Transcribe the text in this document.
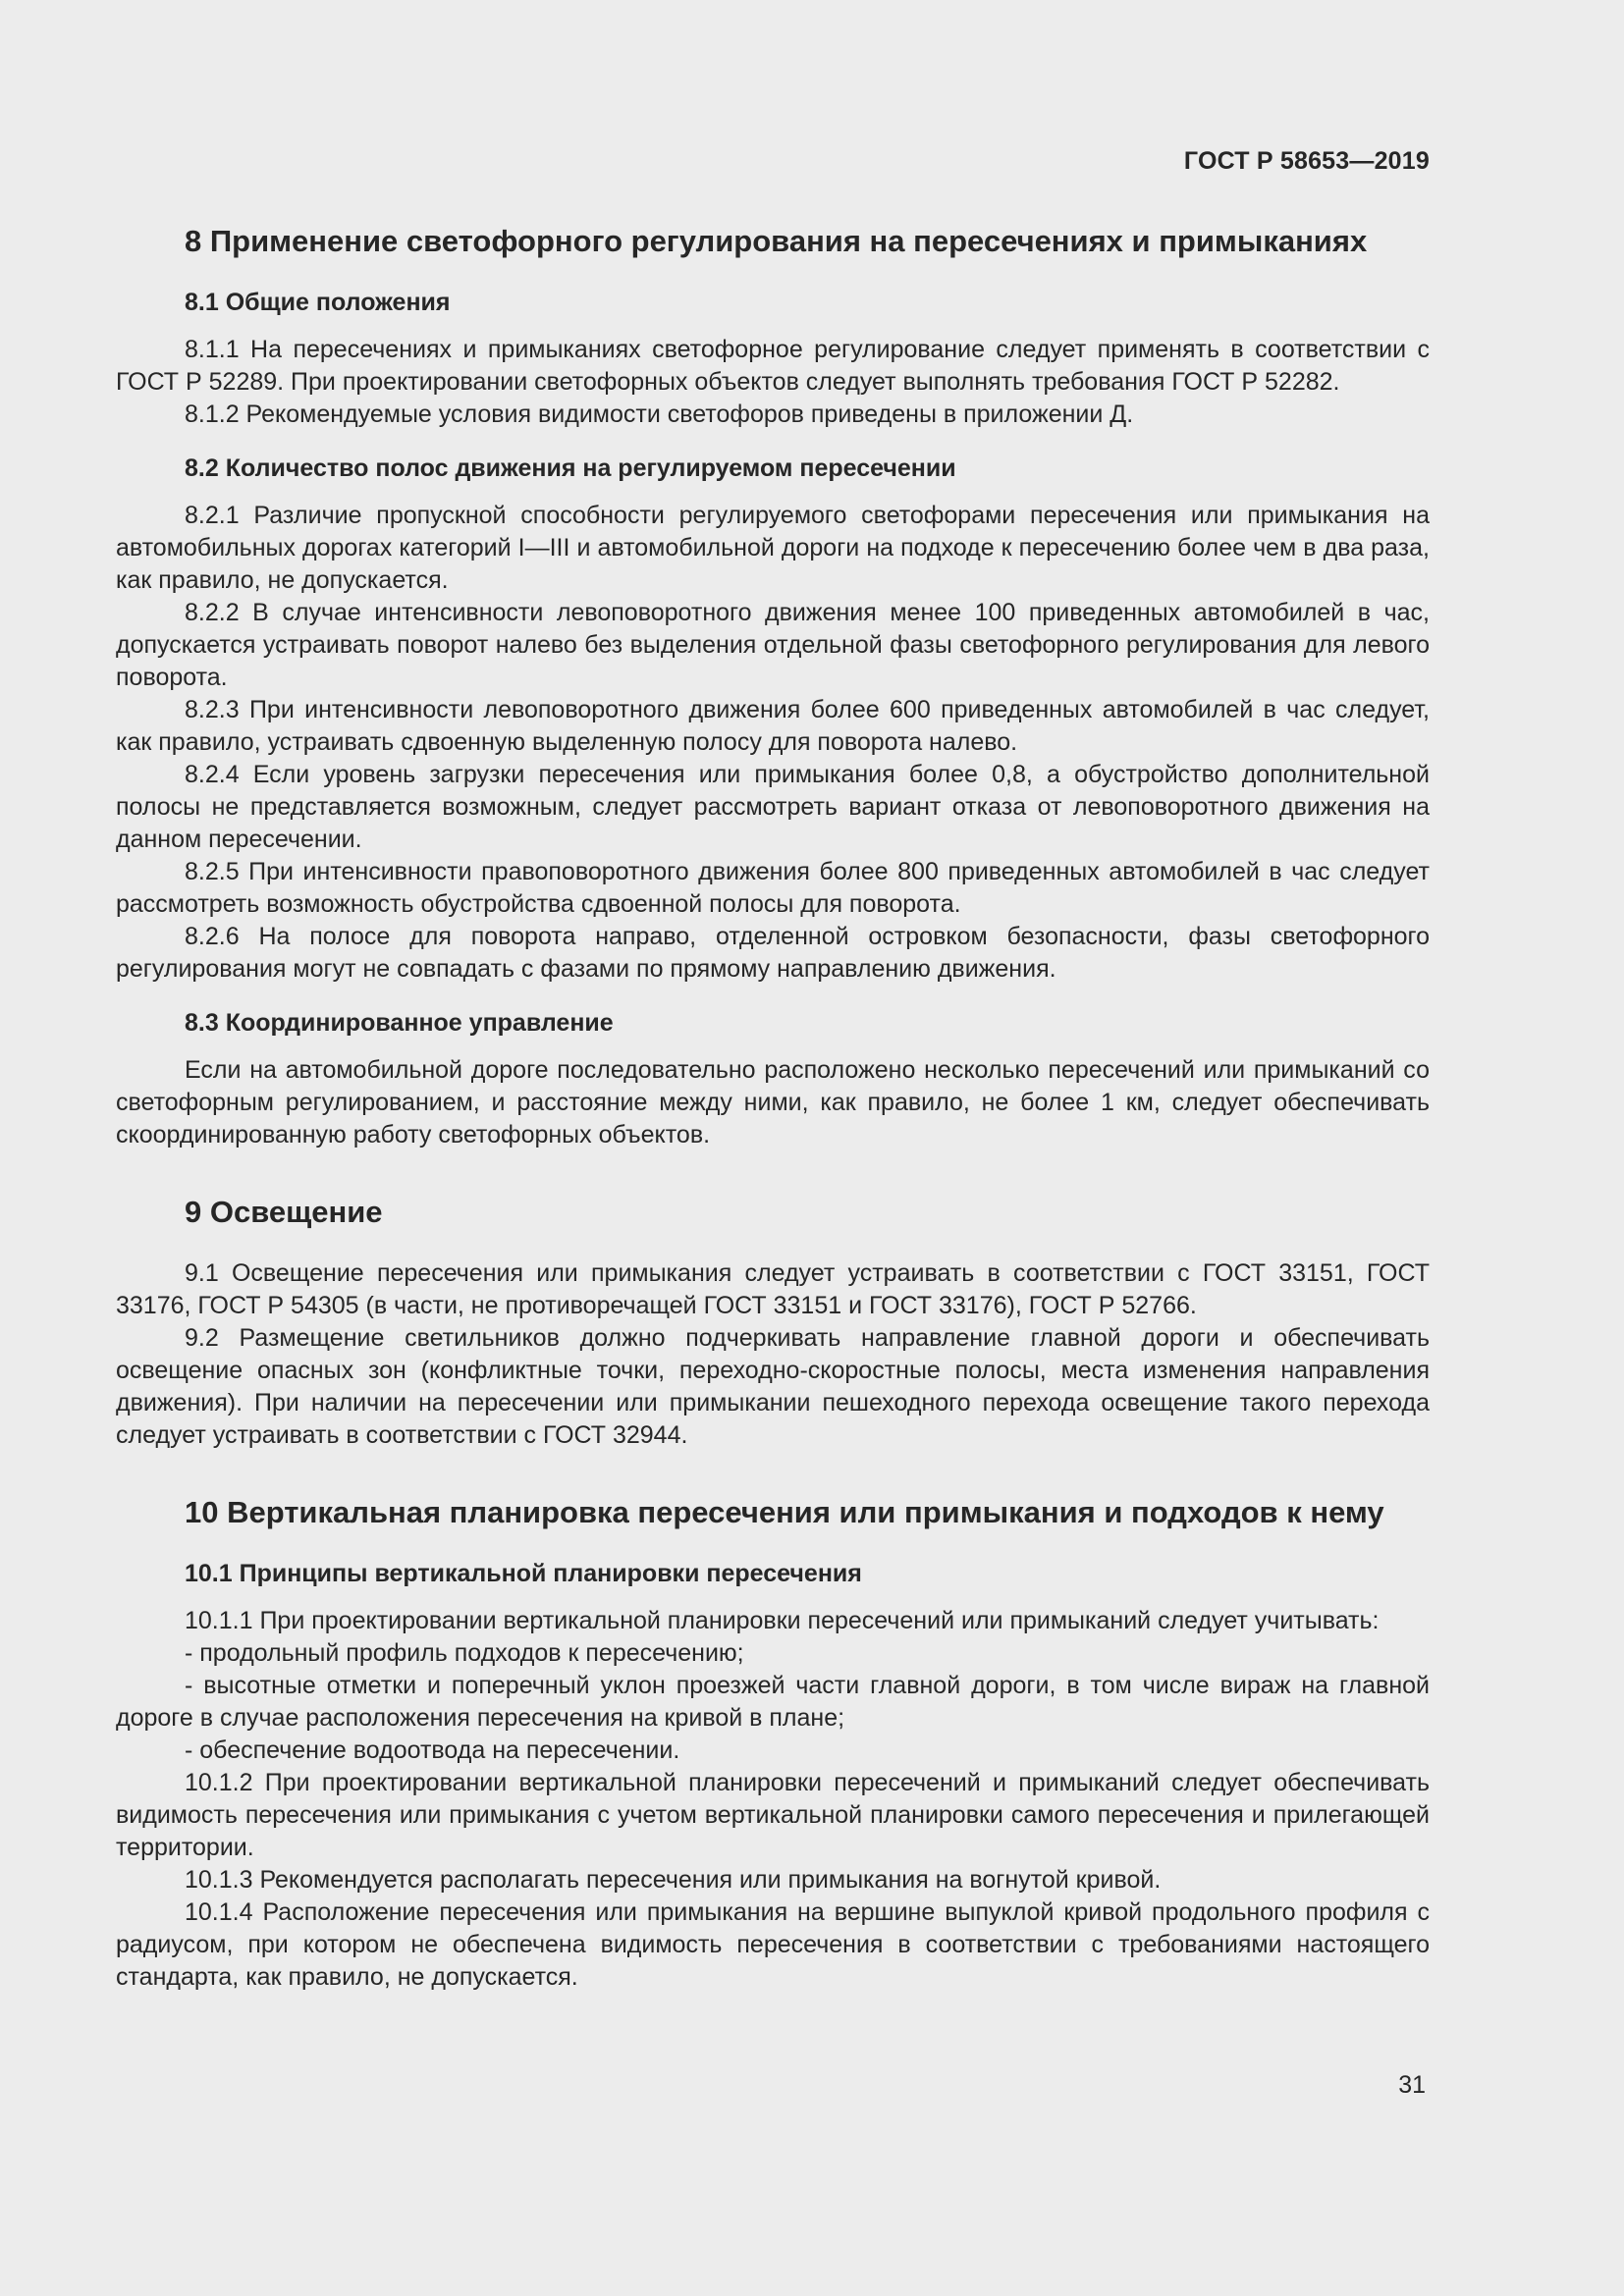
ГОСТ Р 58653—2019
8 Применение светофорного регулирования на пересечениях и примыканиях
8.1 Общие положения

8.1.1 На пересечениях и примыканиях светофорное регулирование следует применять в соответствии с ГОСТ Р 52289. При проектировании светофорных объектов следует выполнять требования ГОСТ Р 52282.

8.1.2 Рекомендуемые условия видимости светофоров приведены в приложении Д.

8.2 Количество полос движения на регулируемом пересечении

8.2.1 Различие пропускной способности регулируемого светофорами пересечения или примыкания на автомобильных дорогах категорий I—III и автомобильной дороги на подходе к пересечению более чем в два раза, как правило, не допускается.

8.2.2 В случае интенсивности левоповоротного движения менее 100 приведенных автомобилей в час, допускается устраивать поворот налево без выделения отдельной фазы светофорного регулирования для левого поворота.

8.2.3 При интенсивности левоповоротного движения более 600 приведенных автомобилей в час следует, как правило, устраивать сдвоенную выделенную полосу для поворота налево.

8.2.4 Если уровень загрузки пересечения или примыкания более 0,8, а обустройство дополнительной полосы не представляется возможным, следует рассмотреть вариант отказа от левоповоротного движения на данном пересечении.

8.2.5 При интенсивности правоповоротного движения более 800 приведенных автомобилей в час следует рассмотреть возможность обустройства сдвоенной полосы для поворота.

8.2.6 На полосе для поворота направо, отделенной островком безопасности, фазы светофорного регулирования могут не совпадать с фазами по прямому направлению движения.

8.3 Координированное управление

Если на автомобильной дороге последовательно расположено несколько пересечений или примыканий со светофорным регулированием, и расстояние между ними, как правило, не более 1 км, следует обеспечивать скоординированную работу светофорных объектов.

9 Освещение

9.1 Освещение пересечения или примыкания следует устраивать в соответствии с ГОСТ 33151, ГОСТ 33176, ГОСТ Р 54305 (в части, не противоречащей ГОСТ 33151 и ГОСТ 33176), ГОСТ Р 52766.

9.2 Размещение светильников должно подчеркивать направление главной дороги и обеспечивать освещение опасных зон (конфликтные точки, переходно-скоростные полосы, места изменения направления движения). При наличии на пересечении или примыкании пешеходного перехода освещение такого перехода следует устраивать в соответствии с ГОСТ 32944.

10 Вертикальная планировка пересечения или примыкания и подходов к нему
10.1 Принципы вертикальной планировки пересечения

10.1.1 При проектировании вертикальной планировки пересечений или примыканий следует учитывать:

- продольный профиль подходов к пересечению;

- высотные отметки и поперечный уклон проезжей части главной дороги, в том числе вираж на главной дороге в случае расположения пересечения на кривой в плане;

- обеспечение водоотвода на пересечении.

10.1.2 При проектировании вертикальной планировки пересечений и примыканий следует обеспечивать видимость пересечения или примыкания с учетом вертикальной планировки самого пересечения и прилегающей территории.

10.1.3 Рекомендуется располагать пересечения или примыкания на вогнутой кривой.

10.1.4 Расположение пересечения или примыкания на вершине выпуклой кривой продольного профиля с радиусом, при котором не обеспечена видимость пересечения в соответствии с требованиями настоящего стандарта, как правило, не допускается.

31
